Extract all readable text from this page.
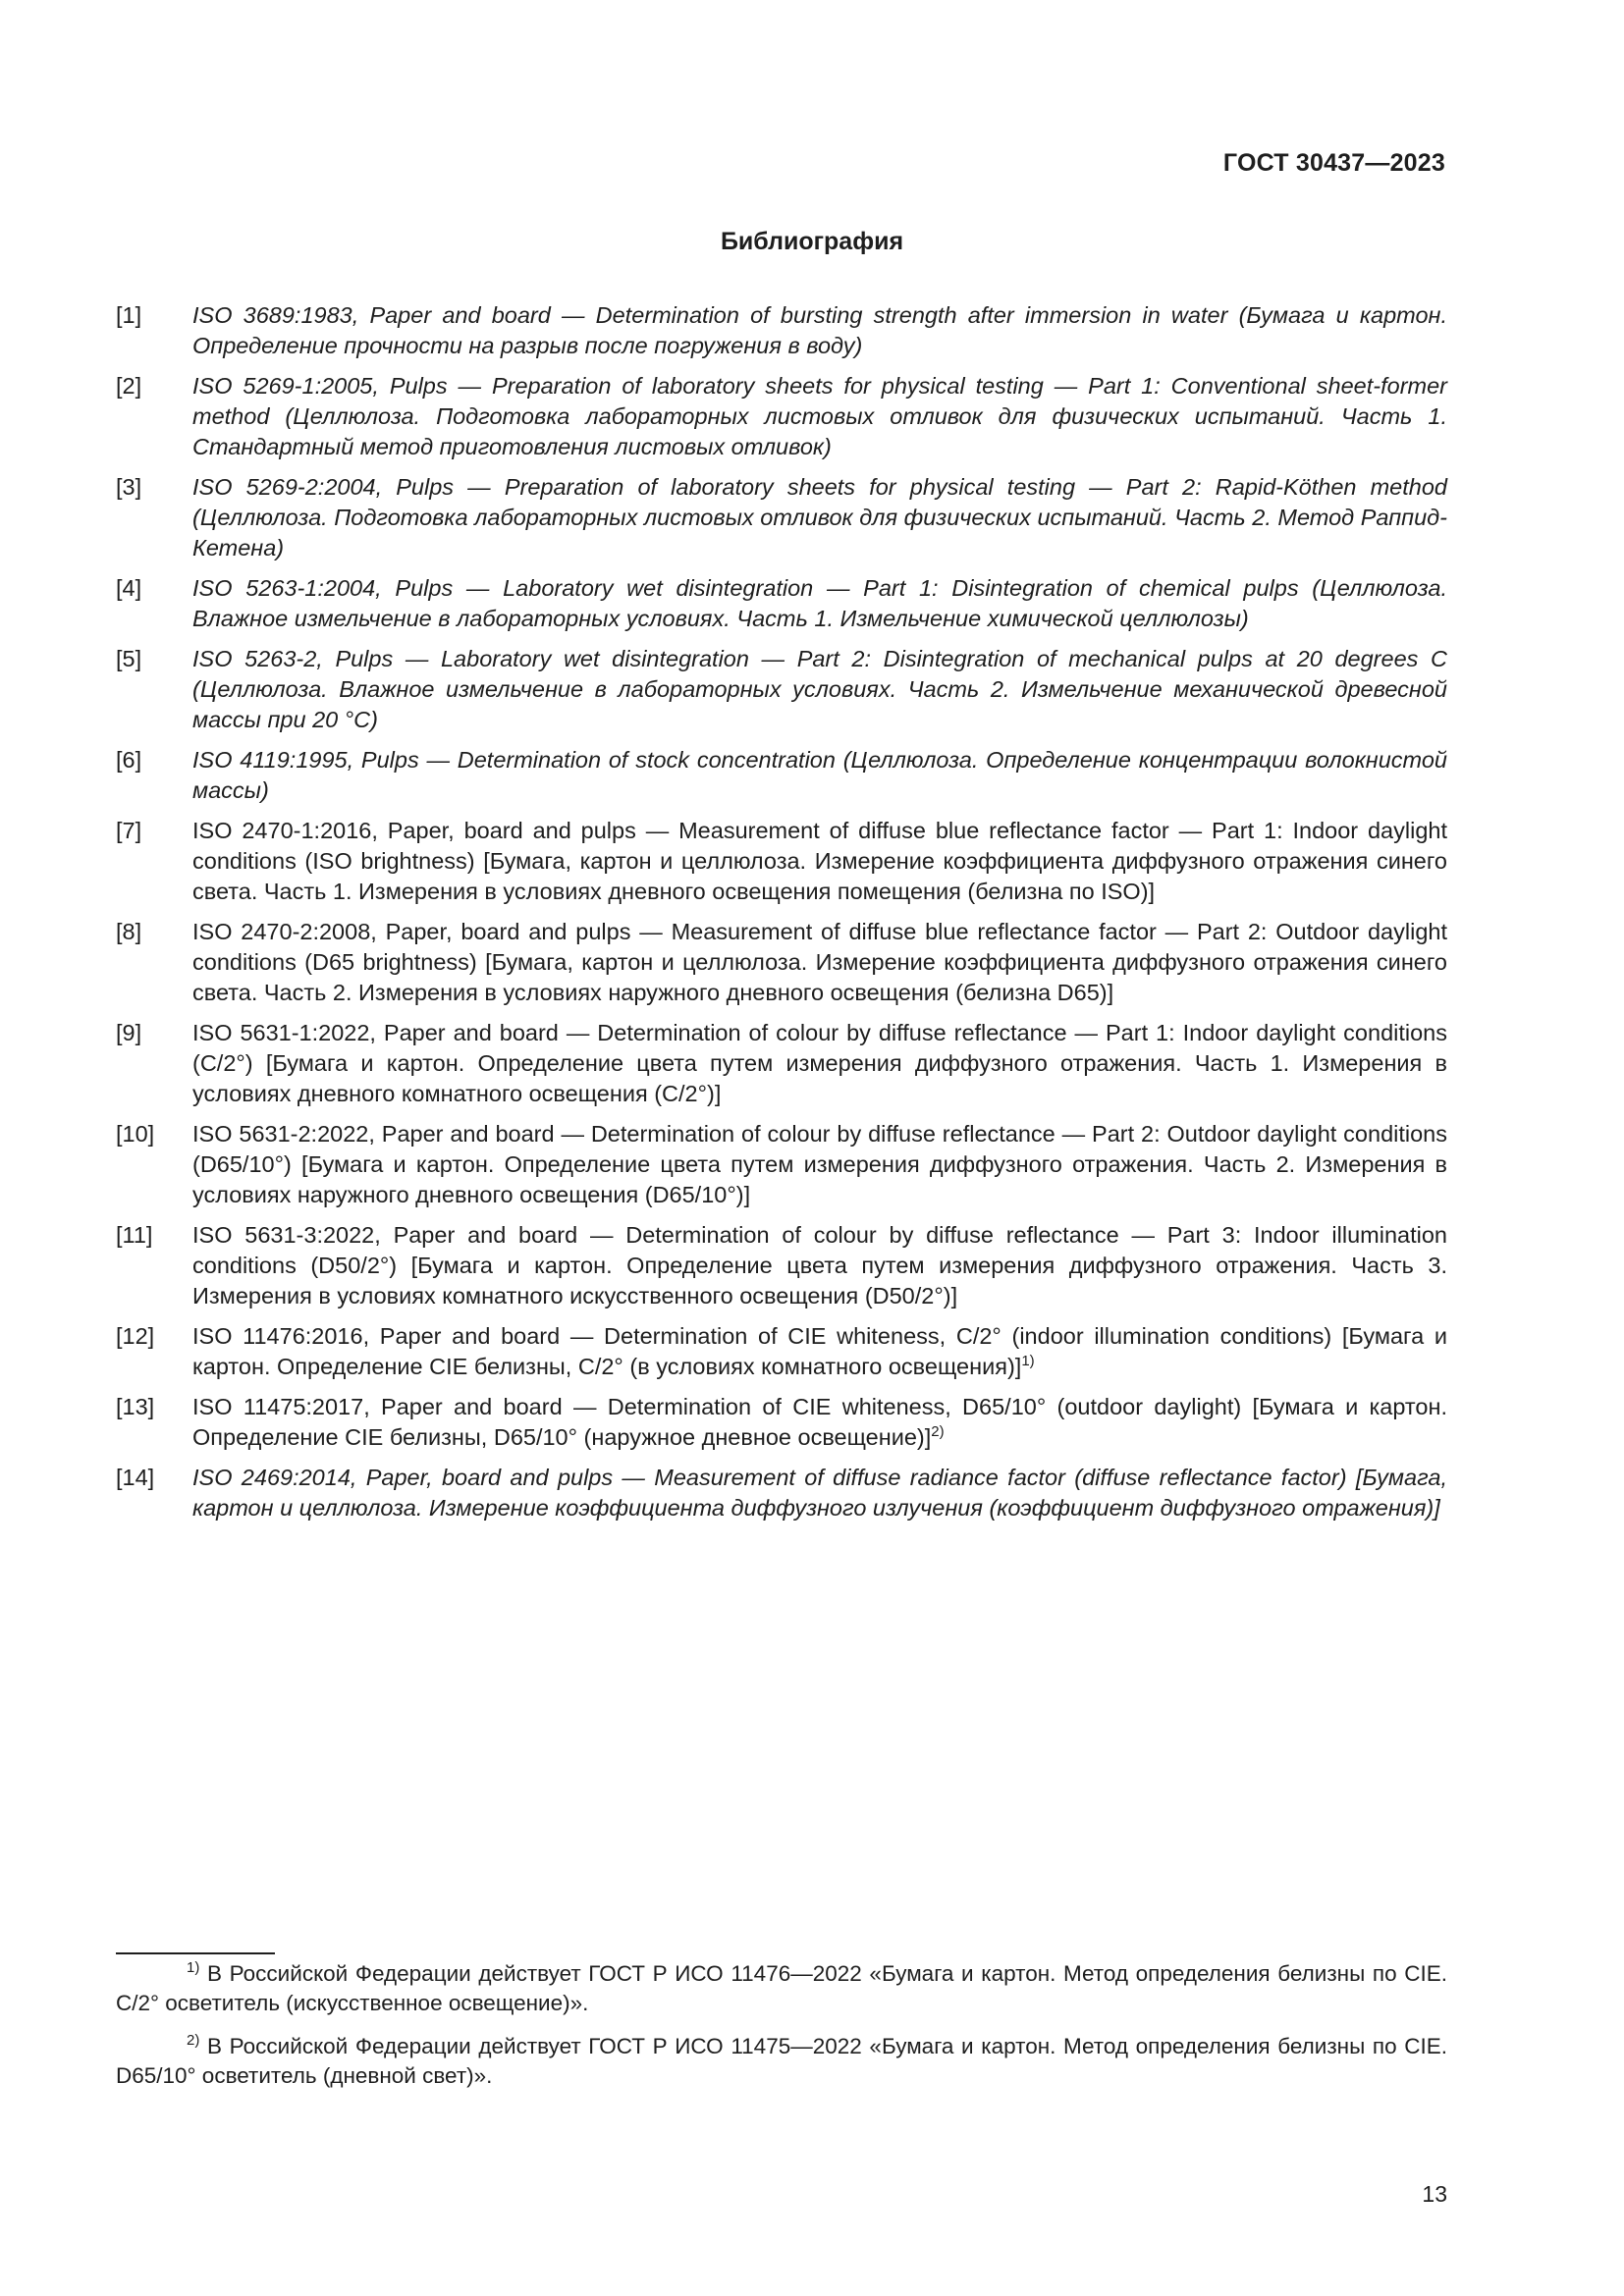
ГОСТ 30437—2023
Библиография
[1]	ISO 3689:1983, Paper and board — Determination of bursting strength after immersion in water (Бумага и картон. Определение прочности на разрыв после погружения в воду)
[2]	ISO 5269-1:2005, Pulps — Preparation of laboratory sheets for physical testing — Part 1: Conventional sheet-former method (Целлюлоза. Подготовка лабораторных листовых отливок для физических испытаний. Часть 1. Стандартный метод приготовления листовых отливок)
[3]	ISO 5269-2:2004, Pulps — Preparation of laboratory sheets for physical testing — Part 2: Rapid-Köthen method (Целлюлоза. Подготовка лабораторных листовых отливок для физических испытаний. Часть 2. Метод Раппид-Кетена)
[4]	ISO 5263-1:2004, Pulps — Laboratory wet disintegration — Part 1: Disintegration of chemical pulps (Целлюлоза. Влажное измельчение в лабораторных условиях. Часть 1. Измельчение химической целлюлозы)
[5]	ISO 5263-2, Pulps — Laboratory wet disintegration — Part 2: Disintegration of mechanical pulps at 20 degrees C (Целлюлоза. Влажное измельчение в лабораторных условиях. Часть 2. Измельчение механической древесной массы при 20 °C)
[6]	ISO 4119:1995, Pulps — Determination of stock concentration (Целлюлоза. Определение концентрации волокнистой массы)
[7]	ISO 2470-1:2016, Paper, board and pulps — Measurement of diffuse blue reflectance factor — Part 1: Indoor daylight conditions (ISO brightness) [Бумага, картон и целлюлоза. Измерение коэффициента диффузного отражения синего света. Часть 1. Измерения в условиях дневного освещения помещения (белизна по ISO)]
[8]	ISO 2470-2:2008, Paper, board and pulps — Measurement of diffuse blue reflectance factor — Part 2: Outdoor daylight conditions (D65 brightness) [Бумага, картон и целлюлоза. Измерение коэффициента диффузного отражения синего света. Часть 2. Измерения в условиях наружного дневного освещения (белизна D65)]
[9]	ISO 5631-1:2022, Paper and board — Determination of colour by diffuse reflectance — Part 1: Indoor daylight conditions (C/2°) [Бумага и картон. Определение цвета путем измерения диффузного отражения. Часть 1. Измерения в условиях дневного комнатного освещения (C/2°)]
[10]	ISO 5631-2:2022, Paper and board — Determination of colour by diffuse reflectance — Part 2: Outdoor daylight conditions (D65/10°) [Бумага и картон. Определение цвета путем измерения диффузного отражения. Часть 2. Измерения в условиях наружного дневного освещения (D65/10°)]
[11]	ISO 5631-3:2022, Paper and board — Determination of colour by diffuse reflectance — Part 3: Indoor illumination conditions (D50/2°) [Бумага и картон. Определение цвета путем измерения диффузного отражения. Часть 3. Измерения в условиях комнатного искусственного освещения (D50/2°)]
[12]	ISO 11476:2016, Paper and board — Determination of CIE whiteness, C/2° (indoor illumination conditions) [Бумага и картон. Определение CIE белизны, C/2° (в условиях комнатного освещения)]$^{1)}$
[13]	ISO 11475:2017, Paper and board — Determination of CIE whiteness, D65/10° (outdoor daylight) [Бумага и картон. Определение CIE белизны, D65/10° (наружное дневное освещение)]$^{2)}$
[14]	ISO 2469:2014, Paper, board and pulps — Measurement of diffuse radiance factor (diffuse reflectance factor) [Бумага, картон и целлюлоза. Измерение коэффициента диффузного излучения (коэффициент диффузного отражения)]
$^{1)}$ В Российской Федерации действует ГОСТ Р ИСО 11476—2022 «Бумага и картон. Метод определения белизны по CIE. C/2° осветитель (искусственное освещение)».
$^{2)}$ В Российской Федерации действует ГОСТ Р ИСО 11475—2022 «Бумага и картон. Метод определения белизны по CIE. D65/10° осветитель (дневной свет)».
13
